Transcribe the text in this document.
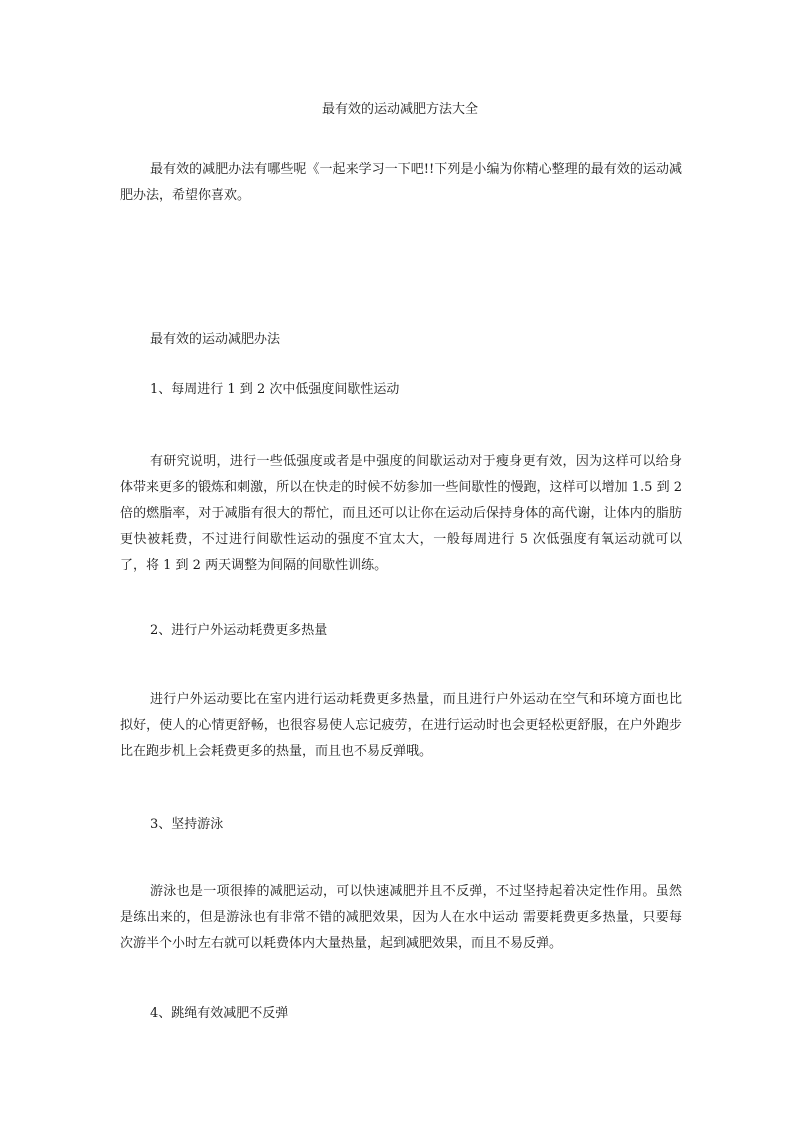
最有效的运动减肥方法大全

最有效的减肥办法有哪些呢《一起来学习一下吧!!下列是小编为你精心整理的最有效的运动减肥办法，希望你喜欢。

最有效的运动减肥办法

1、每周进行 1 到 2 次中低强度间歇性运动

有研究说明，进行一些低强度或者是中强度的间歇运动对于瘦身更有效，因为这样可以给身体带来更多的锻炼和刺激，所以在快走的时候不妨参加一些间歇性的慢跑，这样可以增加 1.5 到 2 倍的燃脂率，对于减脂有很大的帮忙，而且还可以让你在运动后保持身体的高代谢，让体内的脂肪更快被耗费，不过进行间歇性运动的强度不宜太大，一般每周进行 5 次低强度有氧运动就可以了，将 1 到 2 两天调整为间隔的间歇性训练。

2、进行户外运动耗费更多热量

进行户外运动要比在室内进行运动耗费更多热量，而且进行户外运动在空气和环境方面也比拟好，使人的心情更舒畅，也很容易使人忘记疲劳，在进行运动时也会更轻松更舒服，在户外跑步比在跑步机上会耗费更多的热量，而且也不易反弹哦。

3、坚持游泳

游泳也是一项很捧的减肥运动，可以快速减肥并且不反弹，不过坚持起着决定性作用。虽然是练出来的，但是游泳也有非常不错的减肥效果，因为人在水中运动 需要耗费更多热量，只要每次游半个小时左右就可以耗费体内大量热量，起到减肥效果，而且不易反弹。

4、跳绳有效减肥不反弹
